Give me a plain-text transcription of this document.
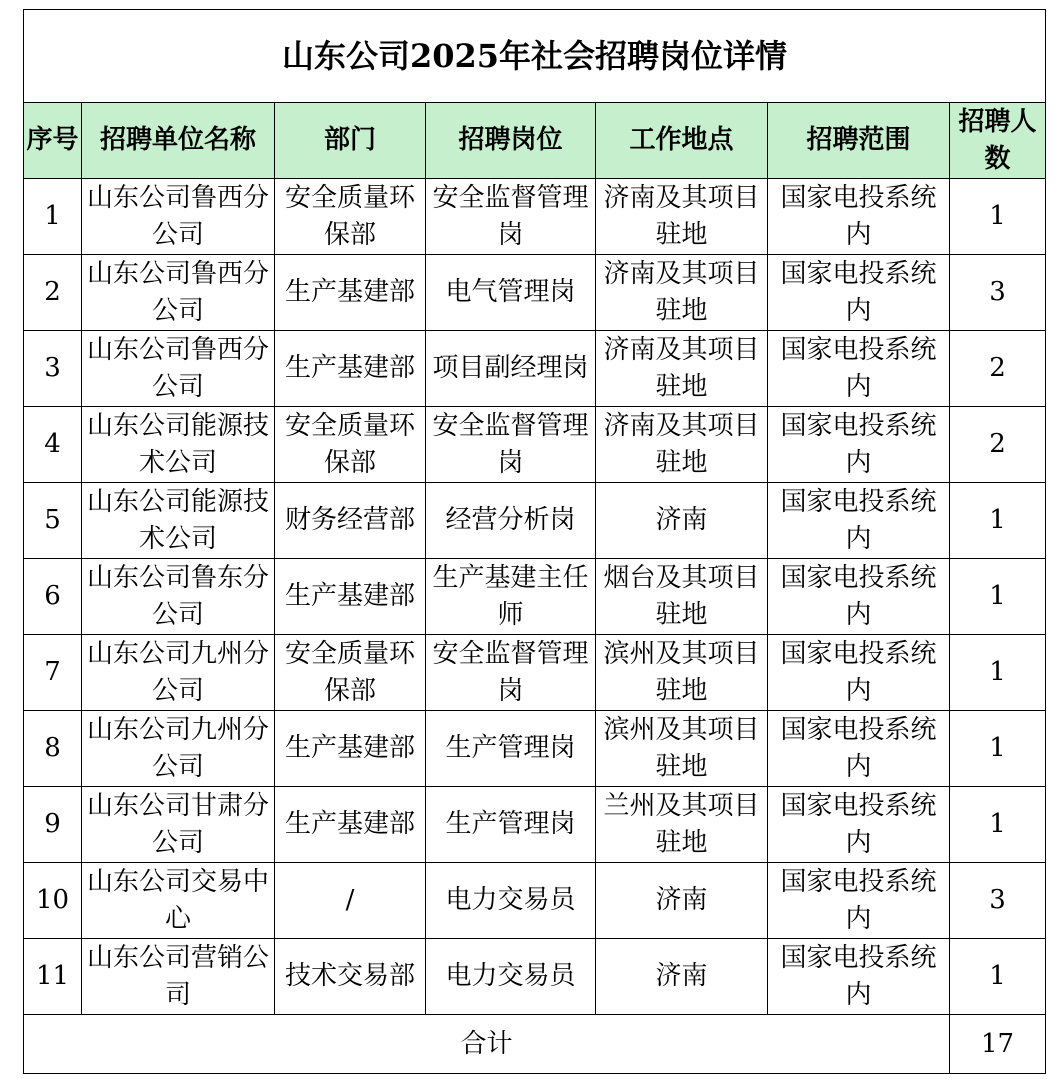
山东公司2025年社会招聘岗位详情						
序号	招聘单位名称	部门	招聘岗位	工作地点	招聘范围	招聘人数
1	山东公司鲁西分公司	安全质量环保部	安全监督管理岗	济南及其项目驻地	国家电投系统内	1
2	山东公司鲁西分公司	生产基建部	电气管理岗	济南及其项目驻地	国家电投系统内	3
3	山东公司鲁西分公司	生产基建部	项目副经理岗	济南及其项目驻地	国家电投系统内	2
4	山东公司能源技术公司	安全质量环保部	安全监督管理岗	济南及其项目驻地	国家电投系统内	2
5	山东公司能源技术公司	财务经营部	经营分析岗	济南	国家电投系统内	1
6	山东公司鲁东分公司	生产基建部	生产基建主任师	烟台及其项目驻地	国家电投系统内	1
7	山东公司九州分公司	安全质量环保部	安全监督管理岗	滨州及其项目驻地	国家电投系统内	1
8	山东公司九州分公司	生产基建部	生产管理岗	滨州及其项目驻地	国家电投系统内	1
9	山东公司甘肃分公司	生产基建部	生产管理岗	兰州及其项目驻地	国家电投系统内	1
10	山东公司交易中心	/	电力交易员	济南	国家电投系统内	3
11	山东公司营销公司	技术交易部	电力交易员	济南	国家电投系统内	1
合计						17
